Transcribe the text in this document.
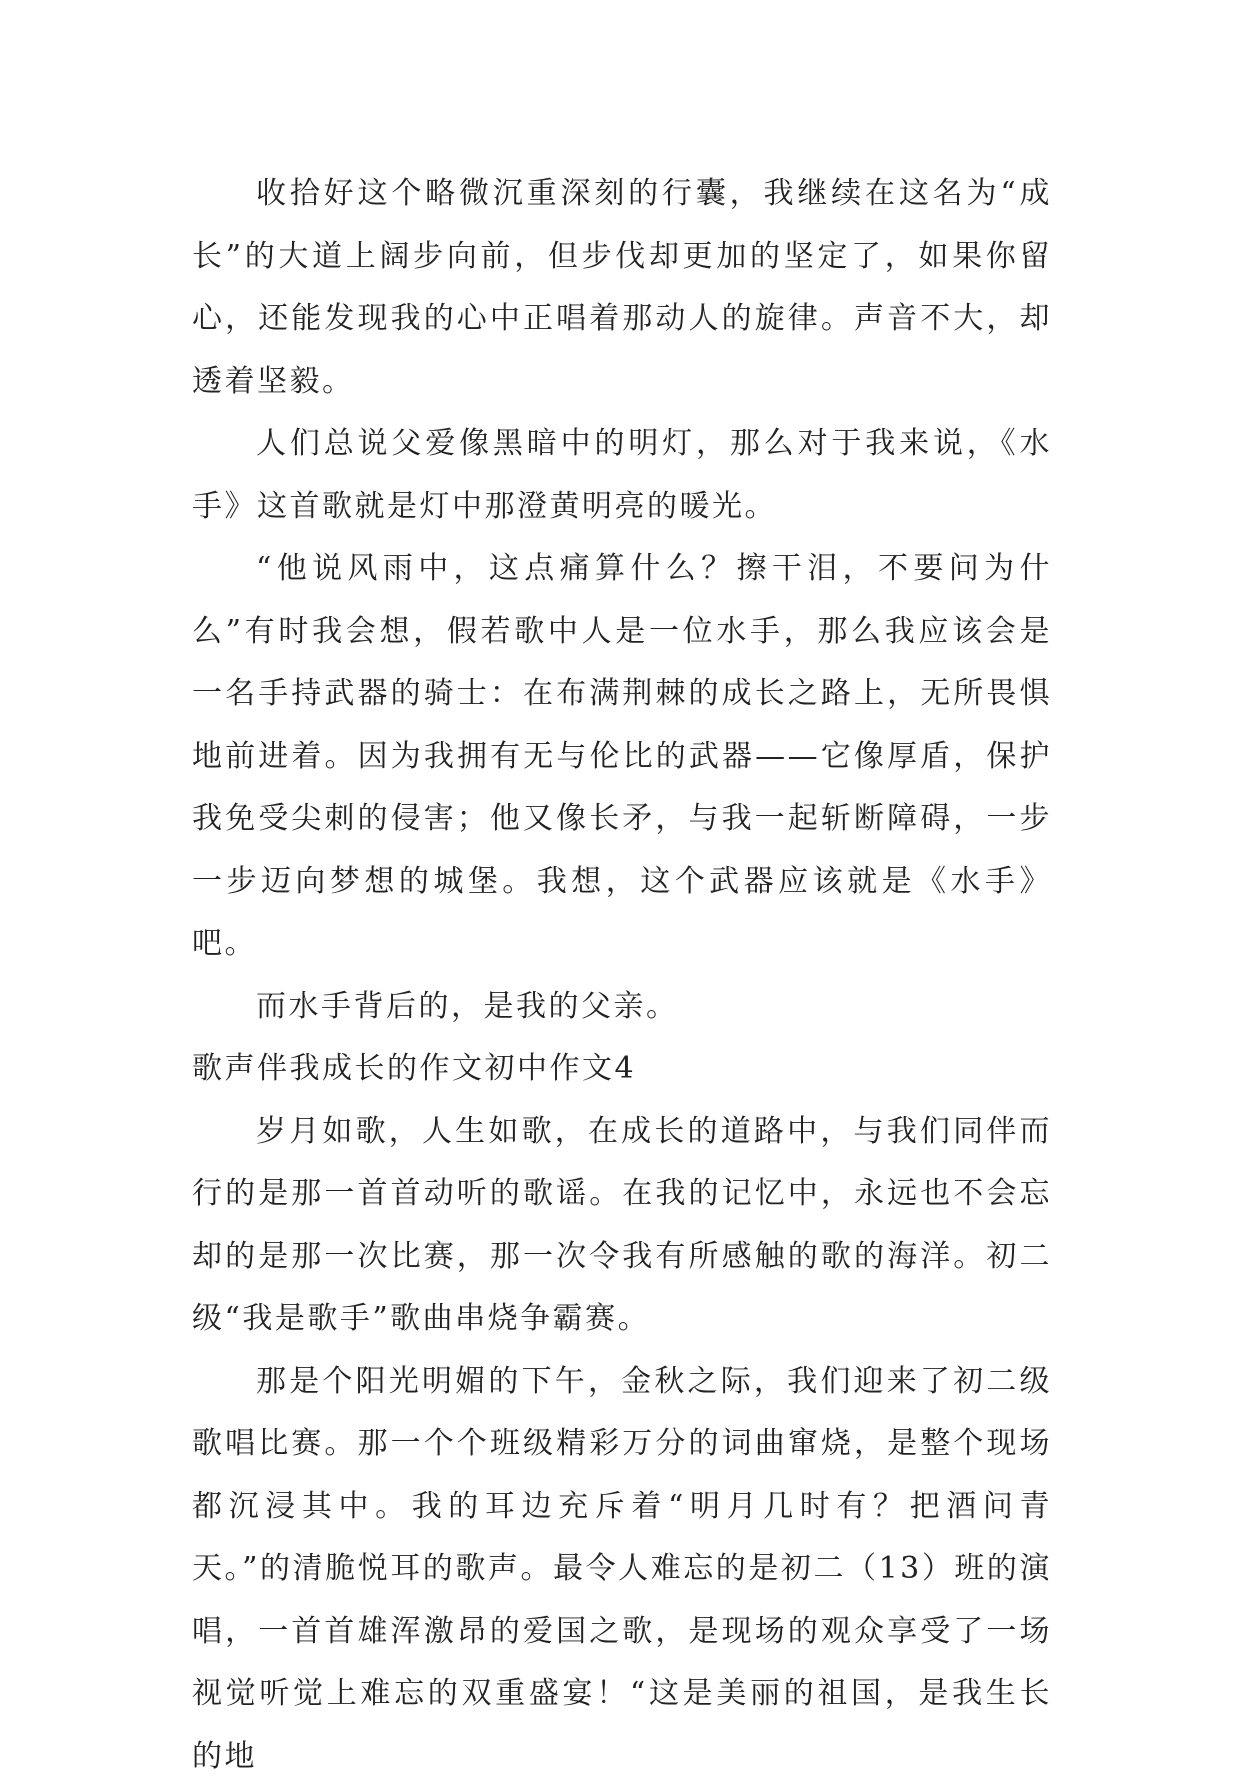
收拾好这个略微沉重深刻的行囊，我继续在这名为“成长”的大道上阔步向前，但步伐却更加的坚定了，如果你留心，还能发现我的心中正唱着那动人的旋律。声音不大，却透着坚毅。

人们总说父爱像黑暗中的明灯，那么对于我来说，《水手》这首歌就是灯中那澄黄明亮的暖光。

“他说风雨中，这点痛算什么？擦干泪，不要问为什么”有时我会想，假若歌中人是一位水手，那么我应该会是一名手持武器的骑士：在布满荆棘的成长之路上，无所畏惧地前进着。因为我拥有无与伦比的武器——它像厚盾，保护我免受尖刺的侵害；他又像长矛，与我一起斩断障碍，一步一步迈向梦想的城堡。我想，这个武器应该就是《水手》吧。

而水手背后的，是我的父亲。

歌声伴我成长的作文初中作文4

岁月如歌，人生如歌，在成长的道路中，与我们同伴而行的是那一首首动听的歌谣。在我的记忆中，永远也不会忘却的是那一次比赛，那一次令我有所感触的歌的海洋。初二级“我是歌手”歌曲串烧争霸赛。

那是个阳光明媚的下午，金秋之际，我们迎来了初二级歌唱比赛。那一个个班级精彩万分的词曲窜烧，是整个现场都沉浸其中。我的耳边充斥着“明月几时有？把酒问青天。”的清脆悦耳的歌声。最令人难忘的是初二（13）班的演唱，一首首雄浑激昂的爱国之歌，是现场的观众享受了一场视觉听觉上难忘的双重盛宴！“这是美丽的祖国，是我生长的地
